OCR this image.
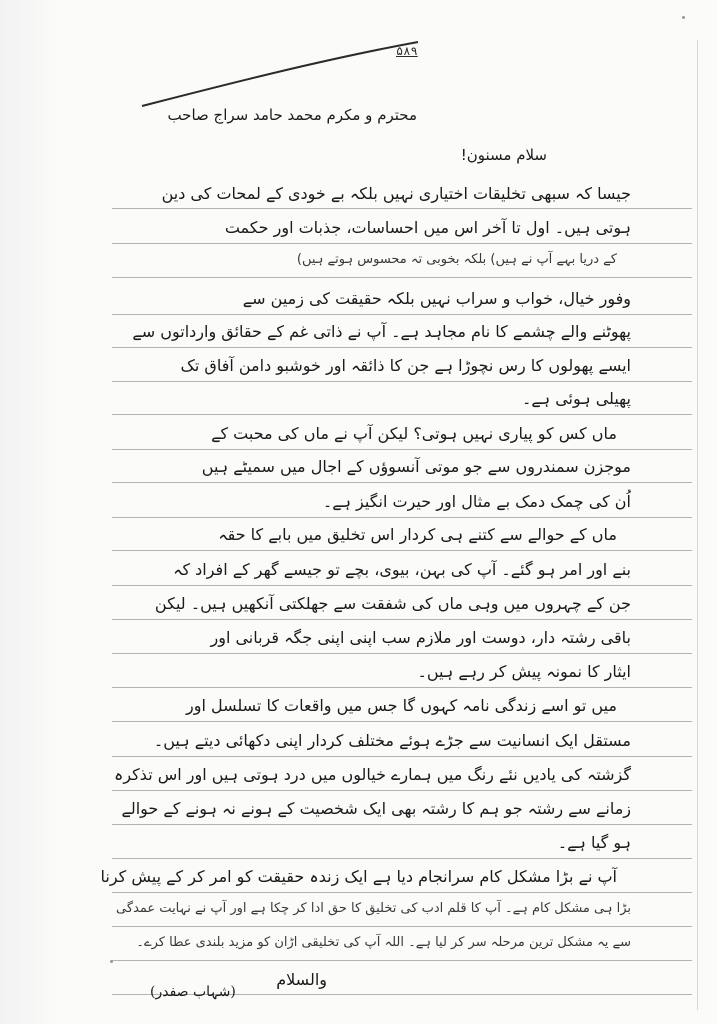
۵۸۹
محترم و مکرم محمد حامد سراج صاحب
سلام مسنون!
جیسا کہ سبھی تخلیقات اختیاری نہیں بلکہ بے خودی کے لمحات کی دین
ہوتی ہیں۔ اول تا آخر اس میں احساسات، جذبات اور حکمت
کے دریا بہے آپ نے ہیں) بلکہ بخوبی تہ محسوس ہوتے ہیں)
وفور خیال، خواب و سراب نہیں بلکہ حقیقت کی زمین سے
پھوٹنے والے چشمے کا نام مجاہد ہے۔ آپ نے ذاتی غم کے حقائق وارداتوں سے
ایسے پھولوں کا رس نچوڑا ہے جن کا ذائقہ اور خوشبو دامن آفاق تک
پھیلی ہوئی ہے۔
ماں کس کو پیاری نہیں ہوتی؟ لیکن آپ نے ماں کی محبت کے
موجزن سمندروں سے جو موتی آنسوؤں کے اجال میں سمیٹے ہیں
اُن کی چمک دمک بے مثال اور حیرت انگیز ہے۔
ماں کے حوالے سے کتنے ہی کردار اس تخلیق میں بابے کا حقہ
بنے اور امر ہو گئے۔ آپ کی بہن، بیوی، بچے تو جیسے گھر کے افراد کہ
جن کے چہروں میں وہی ماں کی شفقت سے جھلکتی آنکھیں ہیں۔ لیکن
باقی رشتہ دار، دوست اور ملازم سب اپنی اپنی جگہ قربانی اور
ایثار کا نمونہ پیش کر رہے ہیں۔
میں تو اسے زندگی نامہ کہوں گا جس میں واقعات کا تسلسل اور
مستقل ایک انسانیت سے جڑے ہوئے مختلف کردار اپنی دکھائی دیتے ہیں۔
گزشتہ کی یادیں نئے رنگ میں ہمارے خیالوں میں درد ہوتی ہیں اور اس تذکرہ
زمانے سے رشتہ جو ہم کا رشتہ بھی ایک شخصیت کے ہونے نہ ہونے کے حوالے
ہو گیا ہے۔
آپ نے بڑا مشکل کام سرانجام دیا ہے ایک زندہ حقیقت کو امر کر کے پیش کرنا
بڑا ہی مشکل کام ہے۔ آپ کا قلم ادب کی تخلیق کا حق ادا کر چکا ہے اور آپ نے نہایت عمدگی
سے یہ مشکل ترین مرحلہ سر کر لیا ہے۔ اللہ آپ کی تخلیقی اڑان کو مزید بلندی عطا کرے۔
والسلام
(شہاب صفدر)
